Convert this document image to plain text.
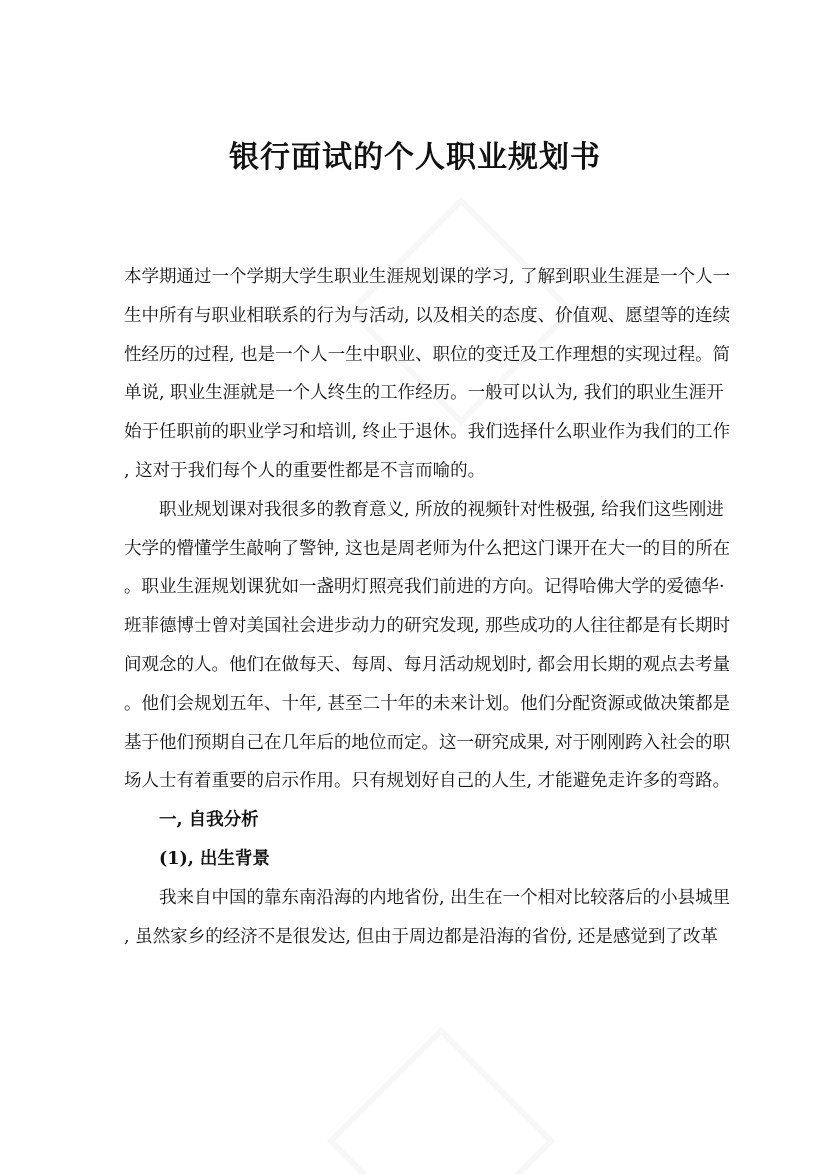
银行面试的个人职业规划书
本学期通过一个学期大学生职业生涯规划课的学习, 了解到职业生涯是一个人一
生中所有与职业相联系的行为与活动, 以及相关的态度、价值观、愿望等的连续
性经历的过程, 也是一个人一生中职业、职位的变迁及工作理想的实现过程。简
单说, 职业生涯就是一个人终生的工作经历。一般可以认为, 我们的职业生涯开
始于任职前的职业学习和培训, 终止于退休。我们选择什么职业作为我们的工作
, 这对于我们每个人的重要性都是不言而喻的。
职业规划课对我很多的教育意义, 所放的视频针对性极强, 给我们这些刚进
大学的懵懂学生敲响了警钟, 这也是周老师为什么把这门课开在大一的目的所在
。职业生涯规划课犹如一盏明灯照亮我们前进的方向。记得哈佛大学的爱德华·
班菲德博士曾对美国社会进步动力的研究发现, 那些成功的人往往都是有长期时
间观念的人。他们在做每天、每周、每月活动规划时, 都会用长期的观点去考量
。他们会规划五年、十年, 甚至二十年的未来计划。他们分配资源或做决策都是
基于他们预期自己在几年后的地位而定。这一研究成果, 对于刚刚跨入社会的职
场人士有着重要的启示作用。只有规划好自己的人生, 才能避免走许多的弯路。
一, 自我分析
(1), 出生背景
我来自中国的靠东南沿海的内地省份, 出生在一个相对比较落后的小县城里
, 虽然家乡的经济不是很发达, 但由于周边都是沿海的省份, 还是感觉到了改革
